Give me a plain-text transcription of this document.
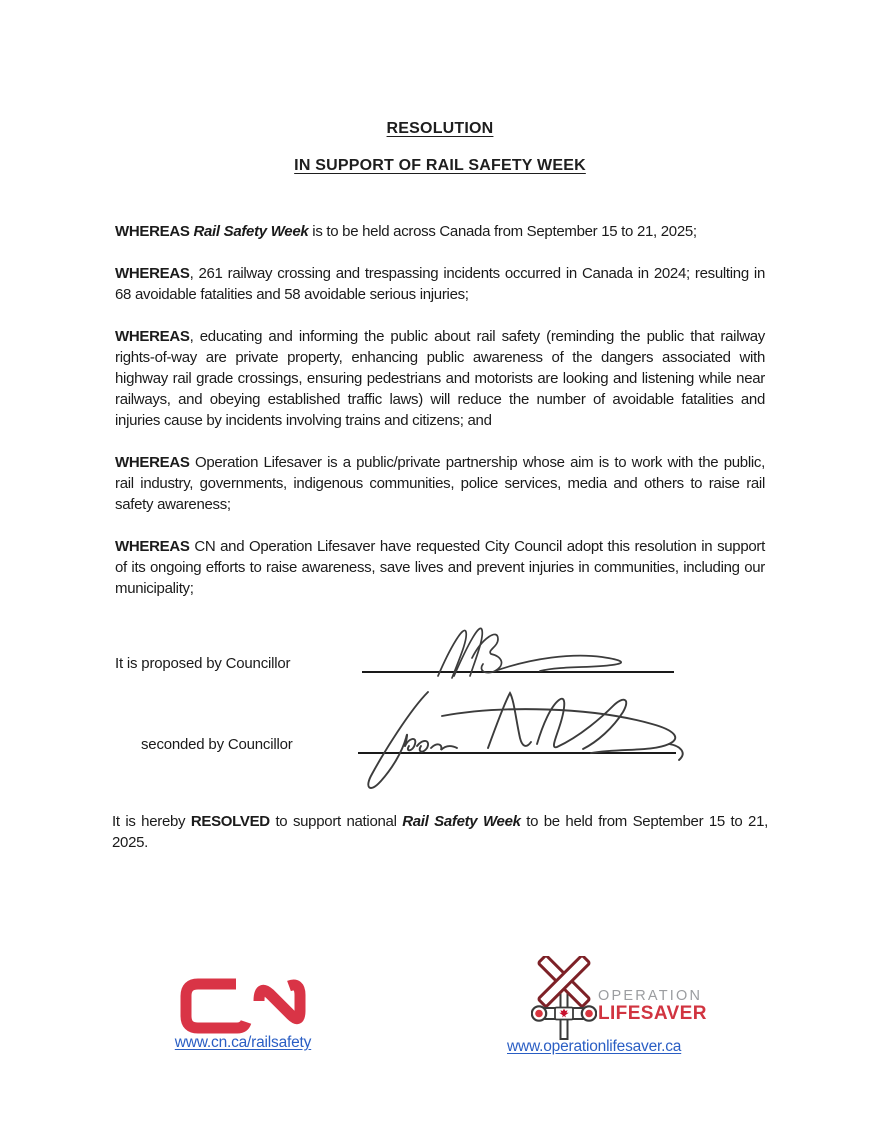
RESOLUTION
IN SUPPORT OF RAIL SAFETY WEEK

WHEREAS Rail Safety Week is to be held across Canada from September 15 to 21, 2025;

WHEREAS, 261 railway crossing and trespassing incidents occurred in Canada in 2024; resulting in 68 avoidable fatalities and 58 avoidable serious injuries;

WHEREAS, educating and informing the public about rail safety (reminding the public that railway rights-of-way are private property, enhancing public awareness of the dangers associated with highway rail grade crossings, ensuring pedestrians and motorists are looking and listening while near railways, and obeying established traffic laws) will reduce the number of avoidable fatalities and injuries cause by incidents involving trains and citizens; and

WHEREAS Operation Lifesaver is a public/private partnership whose aim is to work with the public, rail industry, governments, indigenous communities, police services, media and others to raise rail safety awareness;

WHEREAS CN and Operation Lifesaver have requested City Council adopt this resolution in support of its ongoing efforts to raise awareness, save lives and prevent injuries in communities, including our municipality;

It is proposed by Councillor
seconded by Councillor

It is hereby RESOLVED to support national Rail Safety Week to be held from September 15 to 21, 2025.

www.cn.ca/railsafety
OPERATION
LIFESAVER
www.operationlifesaver.ca
